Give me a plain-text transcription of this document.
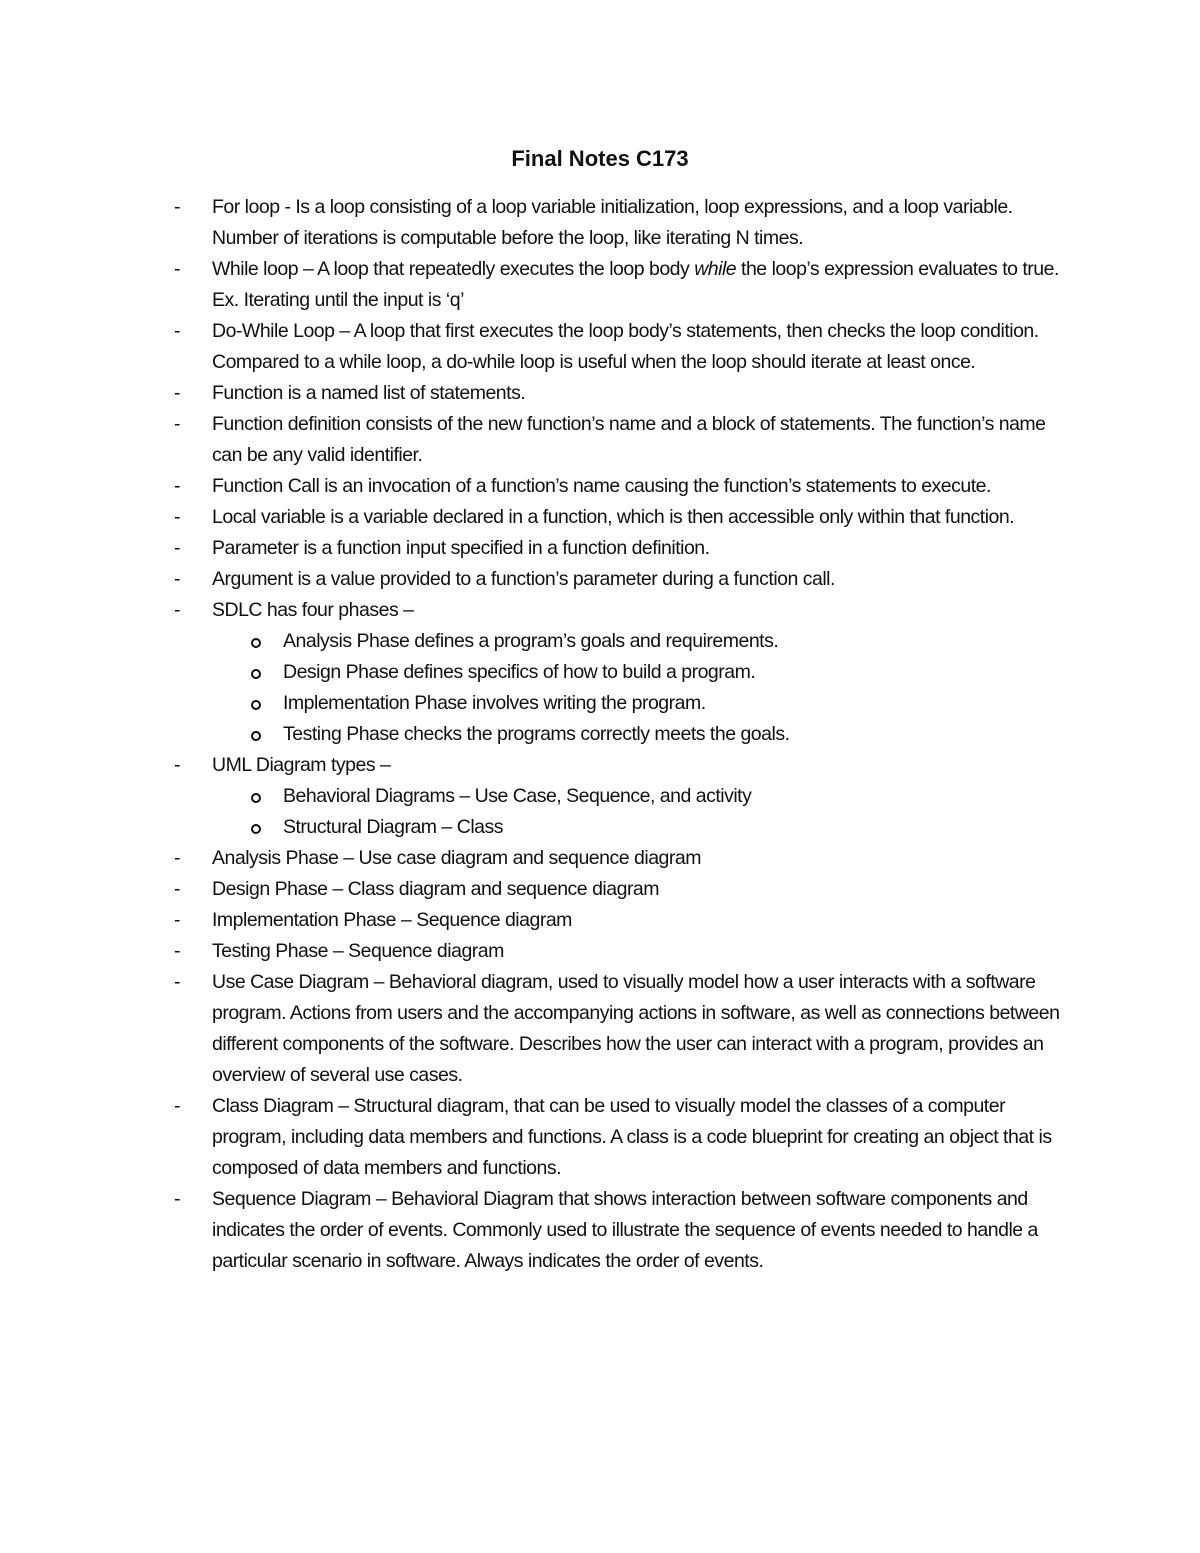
Final Notes C173
-	For loop - Is a loop consisting of a loop variable initialization, loop expressions, and a loop variable. Number of iterations is computable before the loop, like iterating N times.
-	While loop – A loop that repeatedly executes the loop body while the loop’s expression evaluates to true. Ex. Iterating until the input is ‘q’
-	Do-While Loop – A loop that first executes the loop body’s statements, then checks the loop condition. Compared to a while loop, a do-while loop is useful when the loop should iterate at least once.
-	Function is a named list of statements.
-	Function definition consists of the new function’s name and a block of statements. The function’s name can be any valid identifier.
-	Function Call is an invocation of a function’s name causing the function’s statements to execute.
-	Local variable is a variable declared in a function, which is then accessible only within that function.
-	Parameter is a function input specified in a function definition.
-	Argument is a value provided to a function’s parameter during a function call.
-	SDLC has four phases –
Analysis Phase defines a program’s goals and requirements.
Design Phase defines specifics of how to build a program.
Implementation Phase involves writing the program.
Testing Phase checks the programs correctly meets the goals.
-	UML Diagram types –
Behavioral Diagrams – Use Case, Sequence, and activity
Structural Diagram – Class
-	Analysis Phase – Use case diagram and sequence diagram
-	Design Phase – Class diagram and sequence diagram
-	Implementation Phase – Sequence diagram
-	Testing Phase – Sequence diagram
-	Use Case Diagram – Behavioral diagram, used to visually model how a user interacts with a software program. Actions from users and the accompanying actions in software, as well as connections between different components of the software. Describes how the user can interact with a program, provides an overview of several use cases.
-	Class Diagram – Structural diagram, that can be used to visually model the classes of a computer program, including data members and functions. A class is a code blueprint for creating an object that is composed of data members and functions.
-	Sequence Diagram – Behavioral Diagram that shows interaction between software components and indicates the order of events. Commonly used to illustrate the sequence of events needed to handle a particular scenario in software. Always indicates the order of events.
